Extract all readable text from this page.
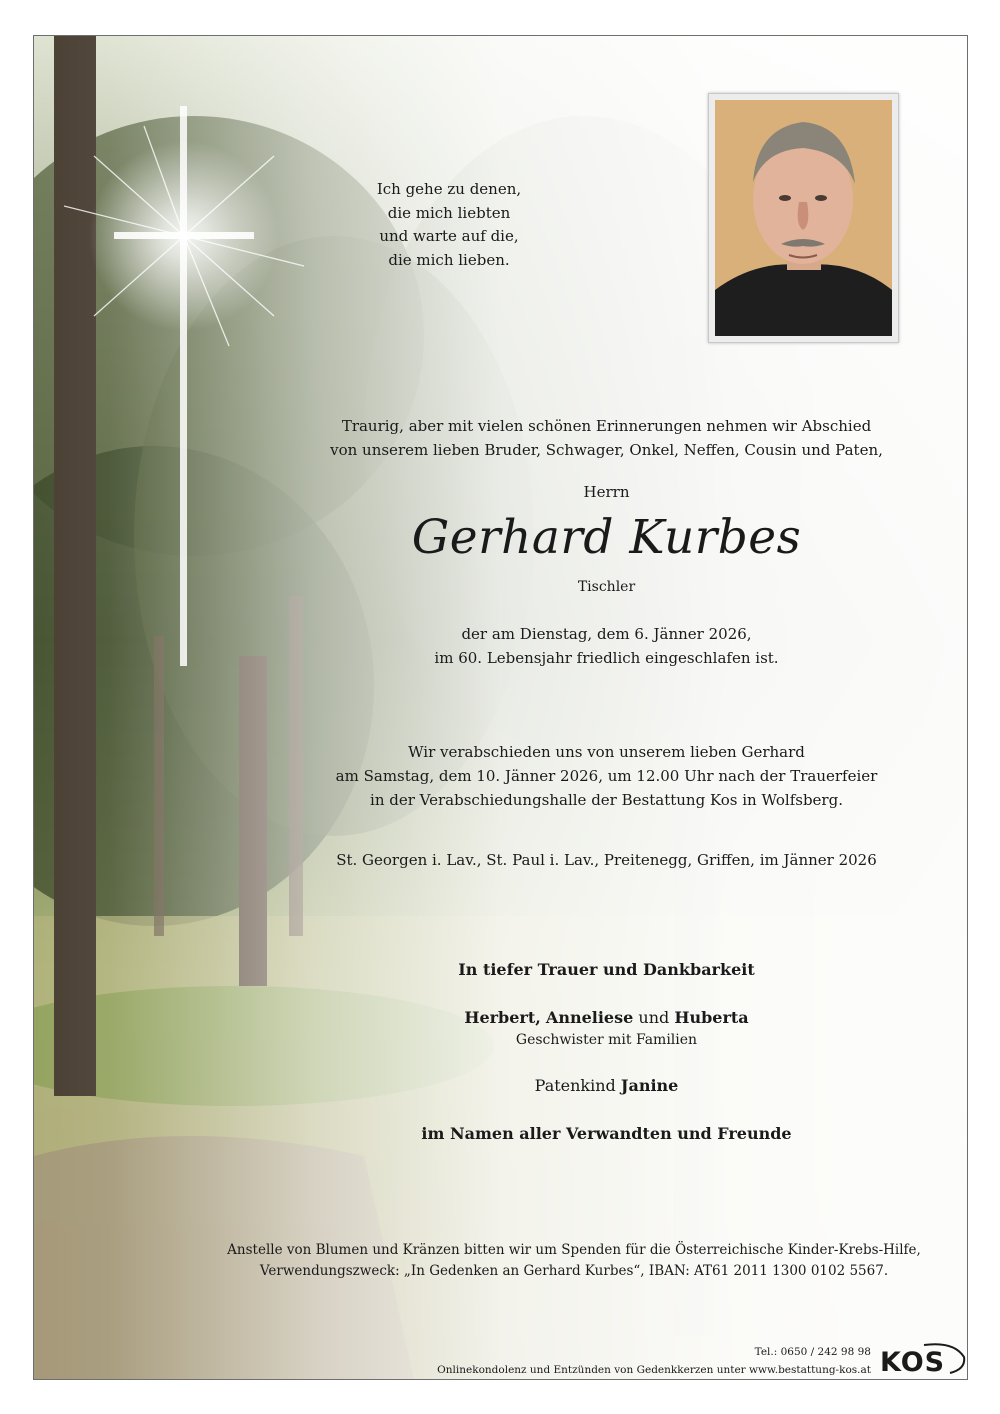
Ich gehe zu denen,
die mich liebten
und warte auf die,
die mich lieben.
Traurig, aber mit vielen schönen Erinnerungen nehmen wir Abschied
von unserem lieben Bruder, Schwager, Onkel, Neffen, Cousin und Paten,
Herrn
Gerhard Kurbes
Tischler
der am Dienstag, dem 6. Jänner 2026,
im 60. Lebensjahr friedlich eingeschlafen ist.
Wir verabschieden uns von unserem lieben Gerhard
am Samstag, dem 10. Jänner 2026, um 12.00 Uhr nach der Trauerfeier
in der Verabschiedungshalle der Bestattung Kos in Wolfsberg.
St. Georgen i. Lav., St. Paul i. Lav., Preitenegg, Griffen, im Jänner 2026
In tiefer Trauer und Dankbarkeit
Herbert, Anneliese und Huberta
Geschwister mit Familien
Patenkind Janine
im Namen aller Verwandten und Freunde
Anstelle von Blumen und Kränzen bitten wir um Spenden für die Österreichische Kinder-Krebs-Hilfe,
Verwendungszweck: „In Gedenken an Gerhard Kurbes“, IBAN: AT61 2011 1300 0102 5567.
Tel.: 0650 / 242 98 98
Onlinekondolenz und Entzünden von Gedenkkerzen unter www.bestattung-kos.at KOS
